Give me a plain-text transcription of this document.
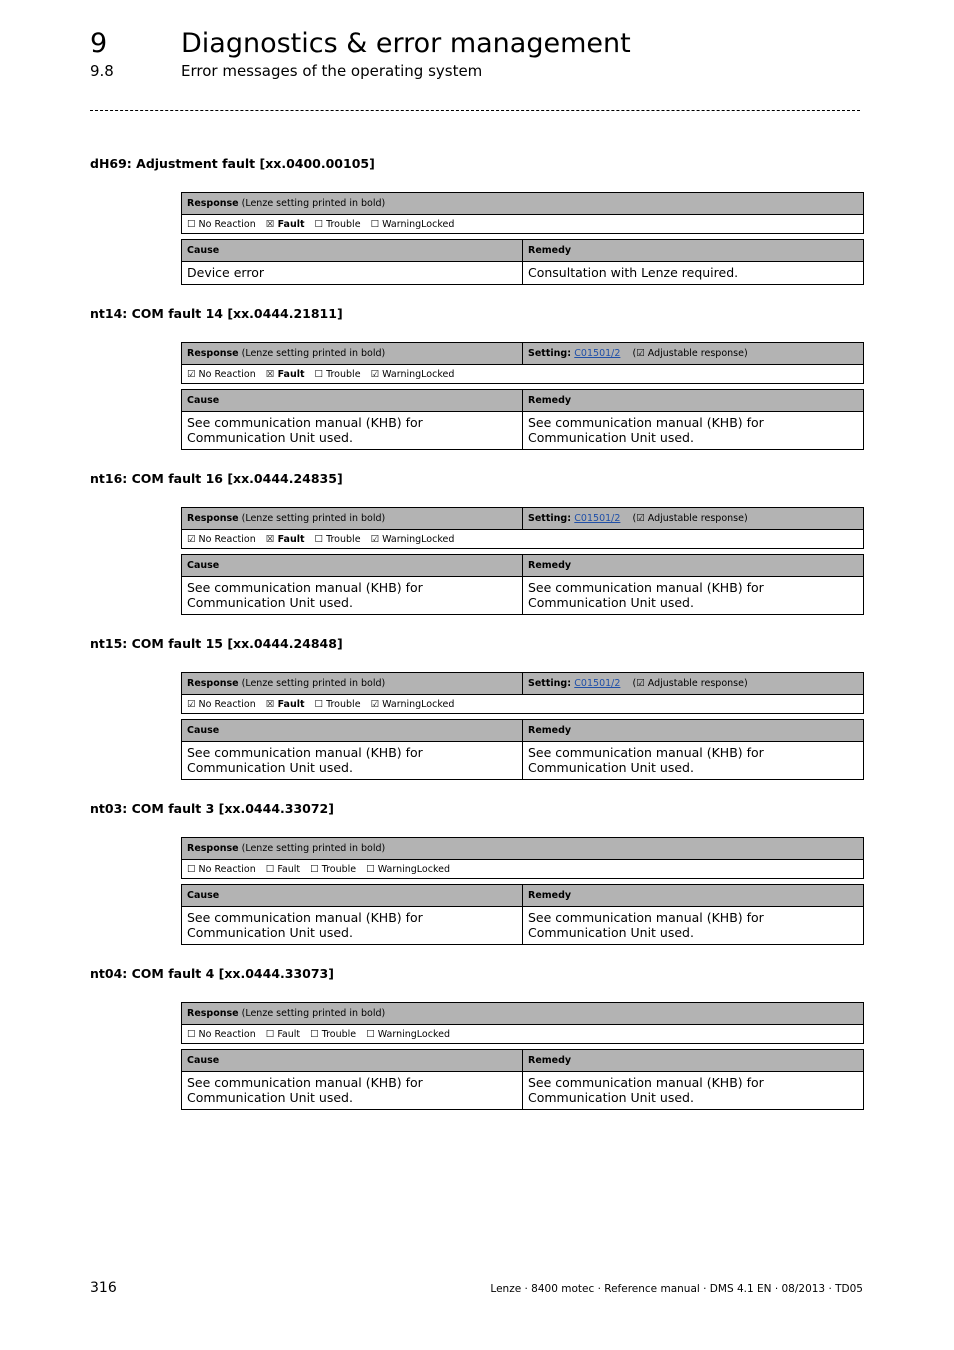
9	Diagnostics & error management
9.8	Error messages of the operating system
dH69: Adjustment fault [xx.0400.00105]
Response (Lenze setting printed in bold)
☐ No Reaction ☒ Fault ☐ Trouble ☐ WarningLocked
Cause	Remedy
Device error	Consultation with Lenze required.
nt14: COM fault 14 [xx.0444.21811]
Response (Lenze setting printed in bold)	Setting: C01501/2 (☑ Adjustable response)
☑ No Reaction ☒ Fault ☐ Trouble ☑ WarningLocked
Cause	Remedy
See communication manual (KHB) for Communication Unit used.	See communication manual (KHB) for Communication Unit used.
nt16: COM fault 16 [xx.0444.24835]
Response (Lenze setting printed in bold)	Setting: C01501/2 (☑ Adjustable response)
☑ No Reaction ☒ Fault ☐ Trouble ☑ WarningLocked
Cause	Remedy
See communication manual (KHB) for Communication Unit used.	See communication manual (KHB) for Communication Unit used.
nt15: COM fault 15 [xx.0444.24848]
Response (Lenze setting printed in bold)	Setting: C01501/2 (☑ Adjustable response)
☑ No Reaction ☒ Fault ☐ Trouble ☑ WarningLocked
Cause	Remedy
See communication manual (KHB) for Communication Unit used.	See communication manual (KHB) for Communication Unit used.
nt03: COM fault 3 [xx.0444.33072]
Response (Lenze setting printed in bold)
☐ No Reaction ☐ Fault ☐ Trouble ☐ WarningLocked
Cause	Remedy
See communication manual (KHB) for Communication Unit used.	See communication manual (KHB) for Communication Unit used.
nt04: COM fault 4 [xx.0444.33073]
Response (Lenze setting printed in bold)
☐ No Reaction ☐ Fault ☐ Trouble ☐ WarningLocked
Cause	Remedy
See communication manual (KHB) for Communication Unit used.	See communication manual (KHB) for Communication Unit used.
316	Lenze · 8400 motec · Reference manual · DMS 4.1 EN · 08/2013 · TD05
